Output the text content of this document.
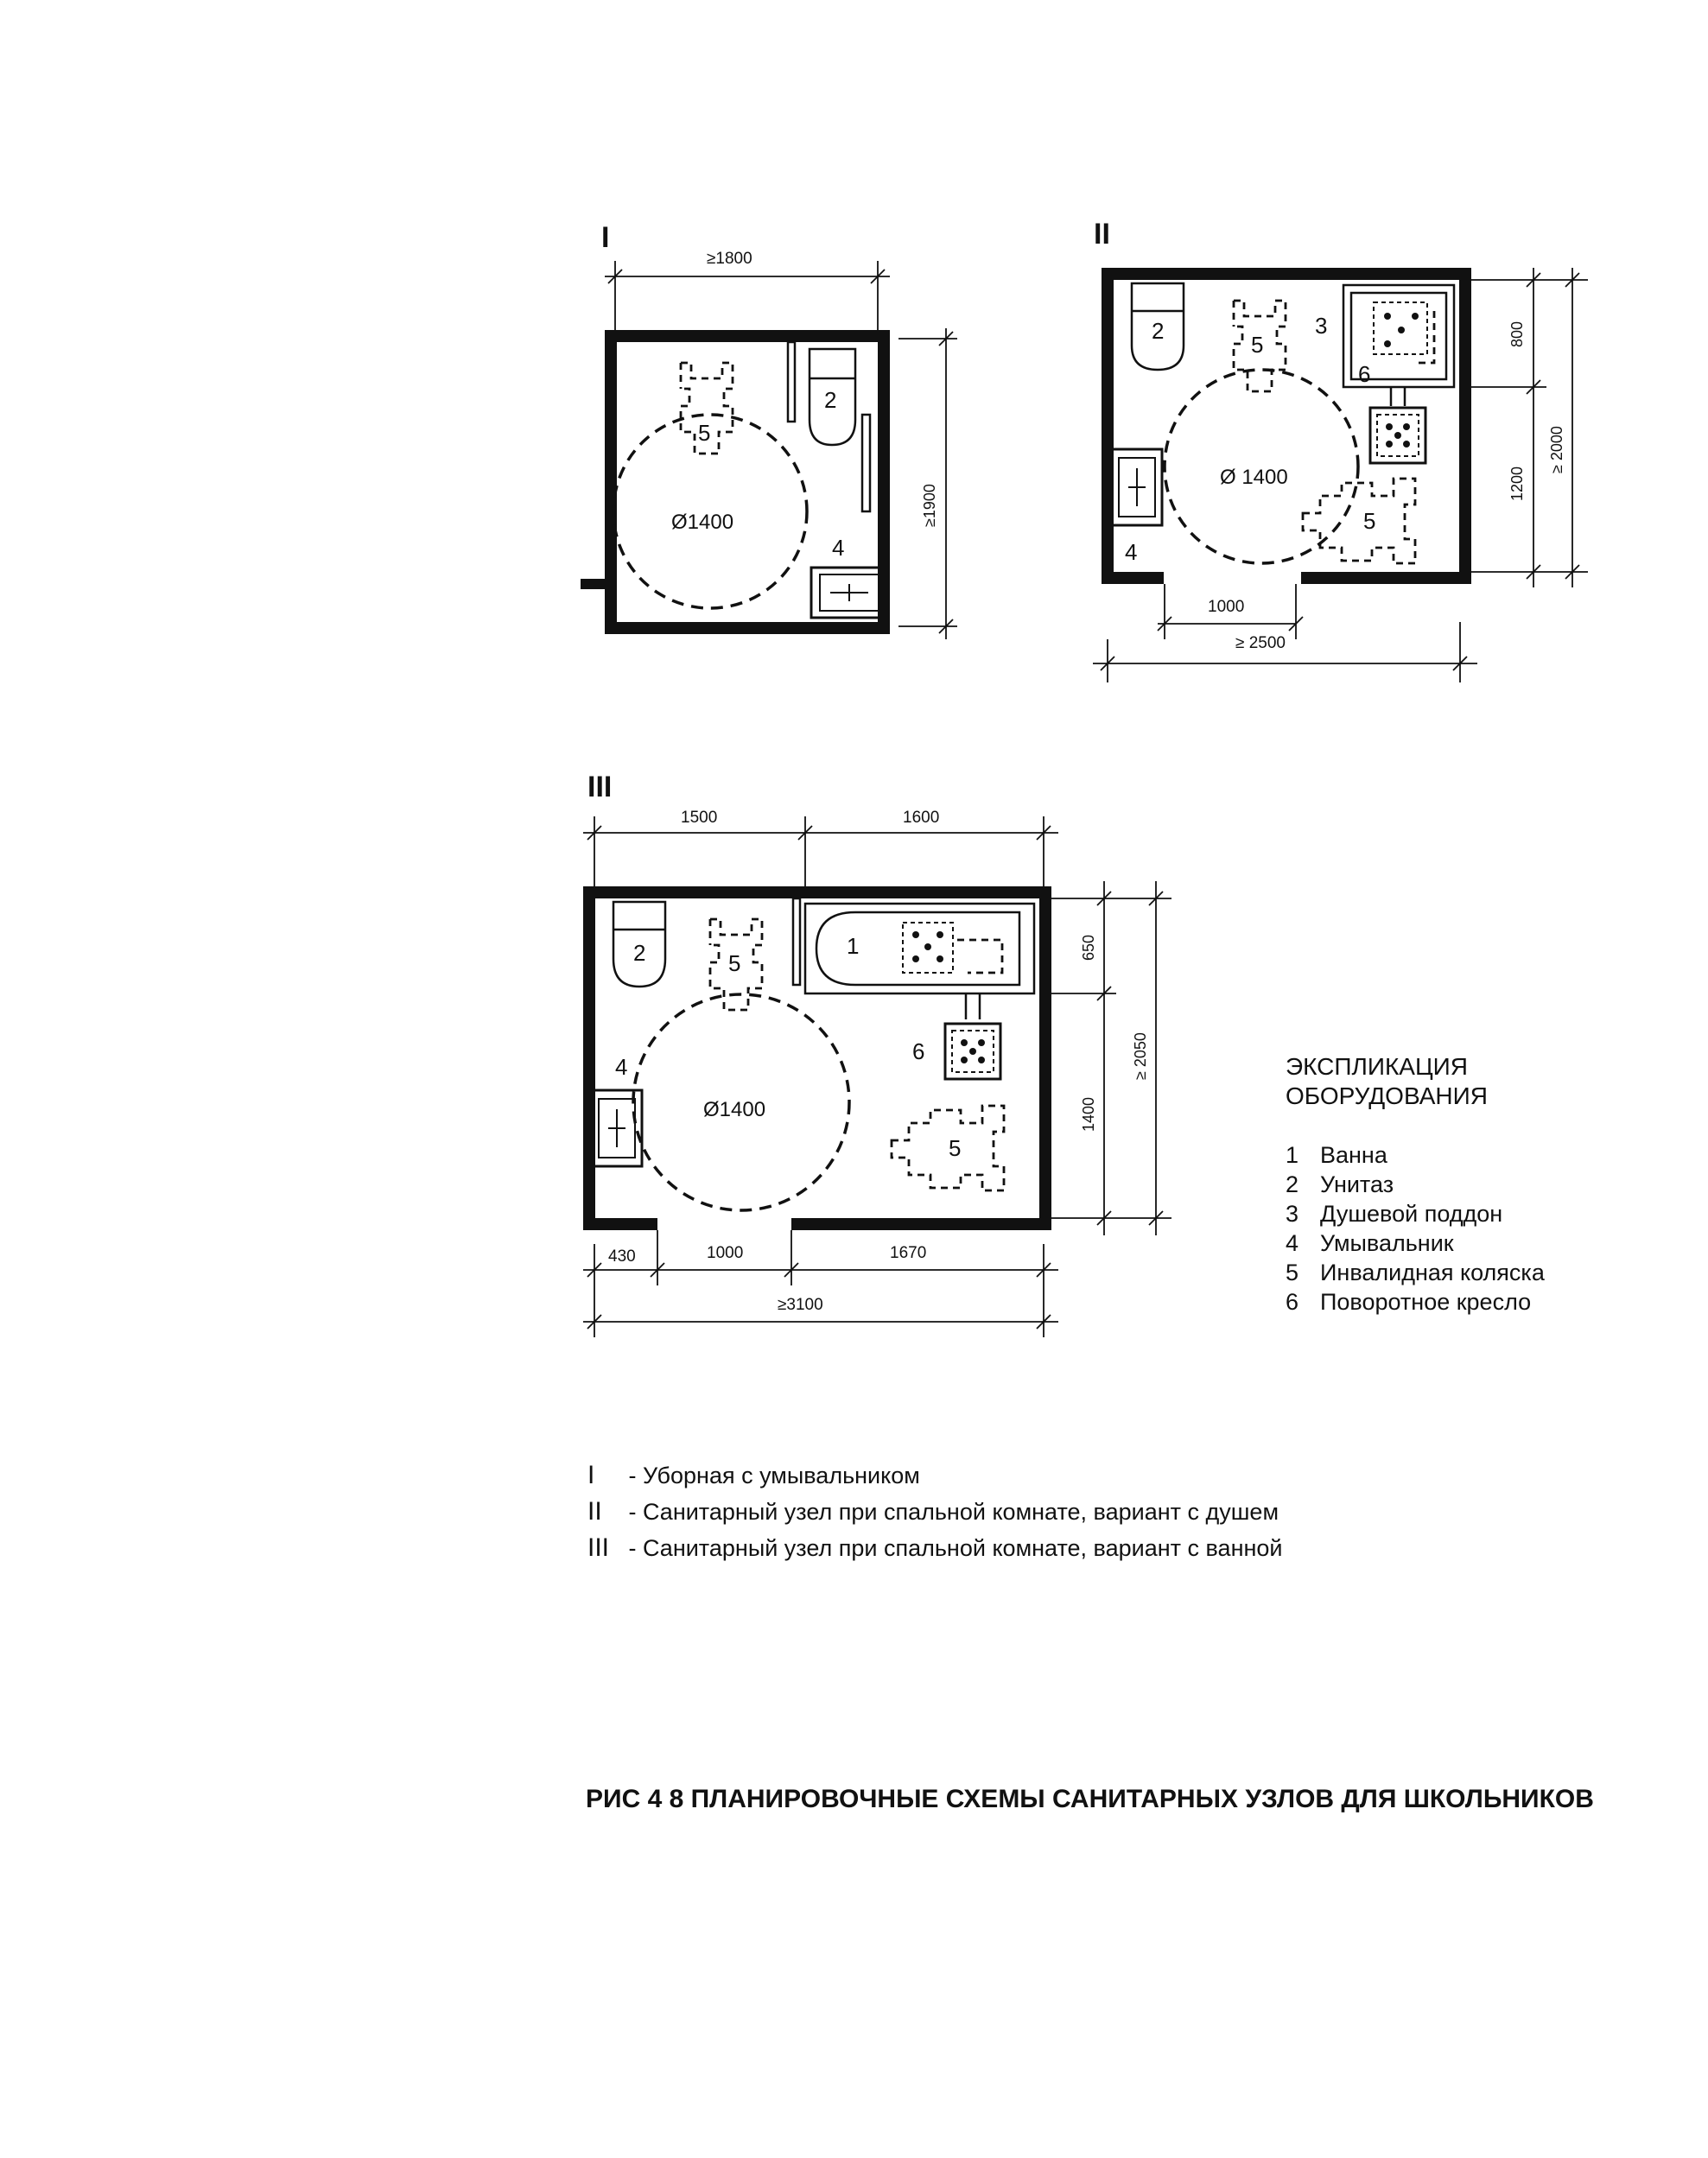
I
≥1800
≥1900
2
Ø1400
5
4
II
800
1200
≥ 2000
1000
≥ 2500
2	3
6
Ø 1400
5
5
4
III
1500	1600
650
1400
≥ 2050
430	1000	1670
≥3100
2	1
6
Ø1400
5
5
4	ЭКСПЛИКАЦИЯ
ОБОРУДОВАНИЯ
1 Ванна
2 Унитаз
3 Душевой поддон
4 Умывальник
5 Инвалидная коляска
6 Поворотное кресло
I - Уборная с умывальником
II - Санитарный узел при спальной комнате, вариант с душем
III - Санитарный узел при спальной комнате, вариант с ванной
РИС 4 8 ПЛАНИРОВОЧНЫЕ СХЕМЫ САНИТАРНЫХ УЗЛОВ ДЛЯ ШКОЛЬНИКОВ
